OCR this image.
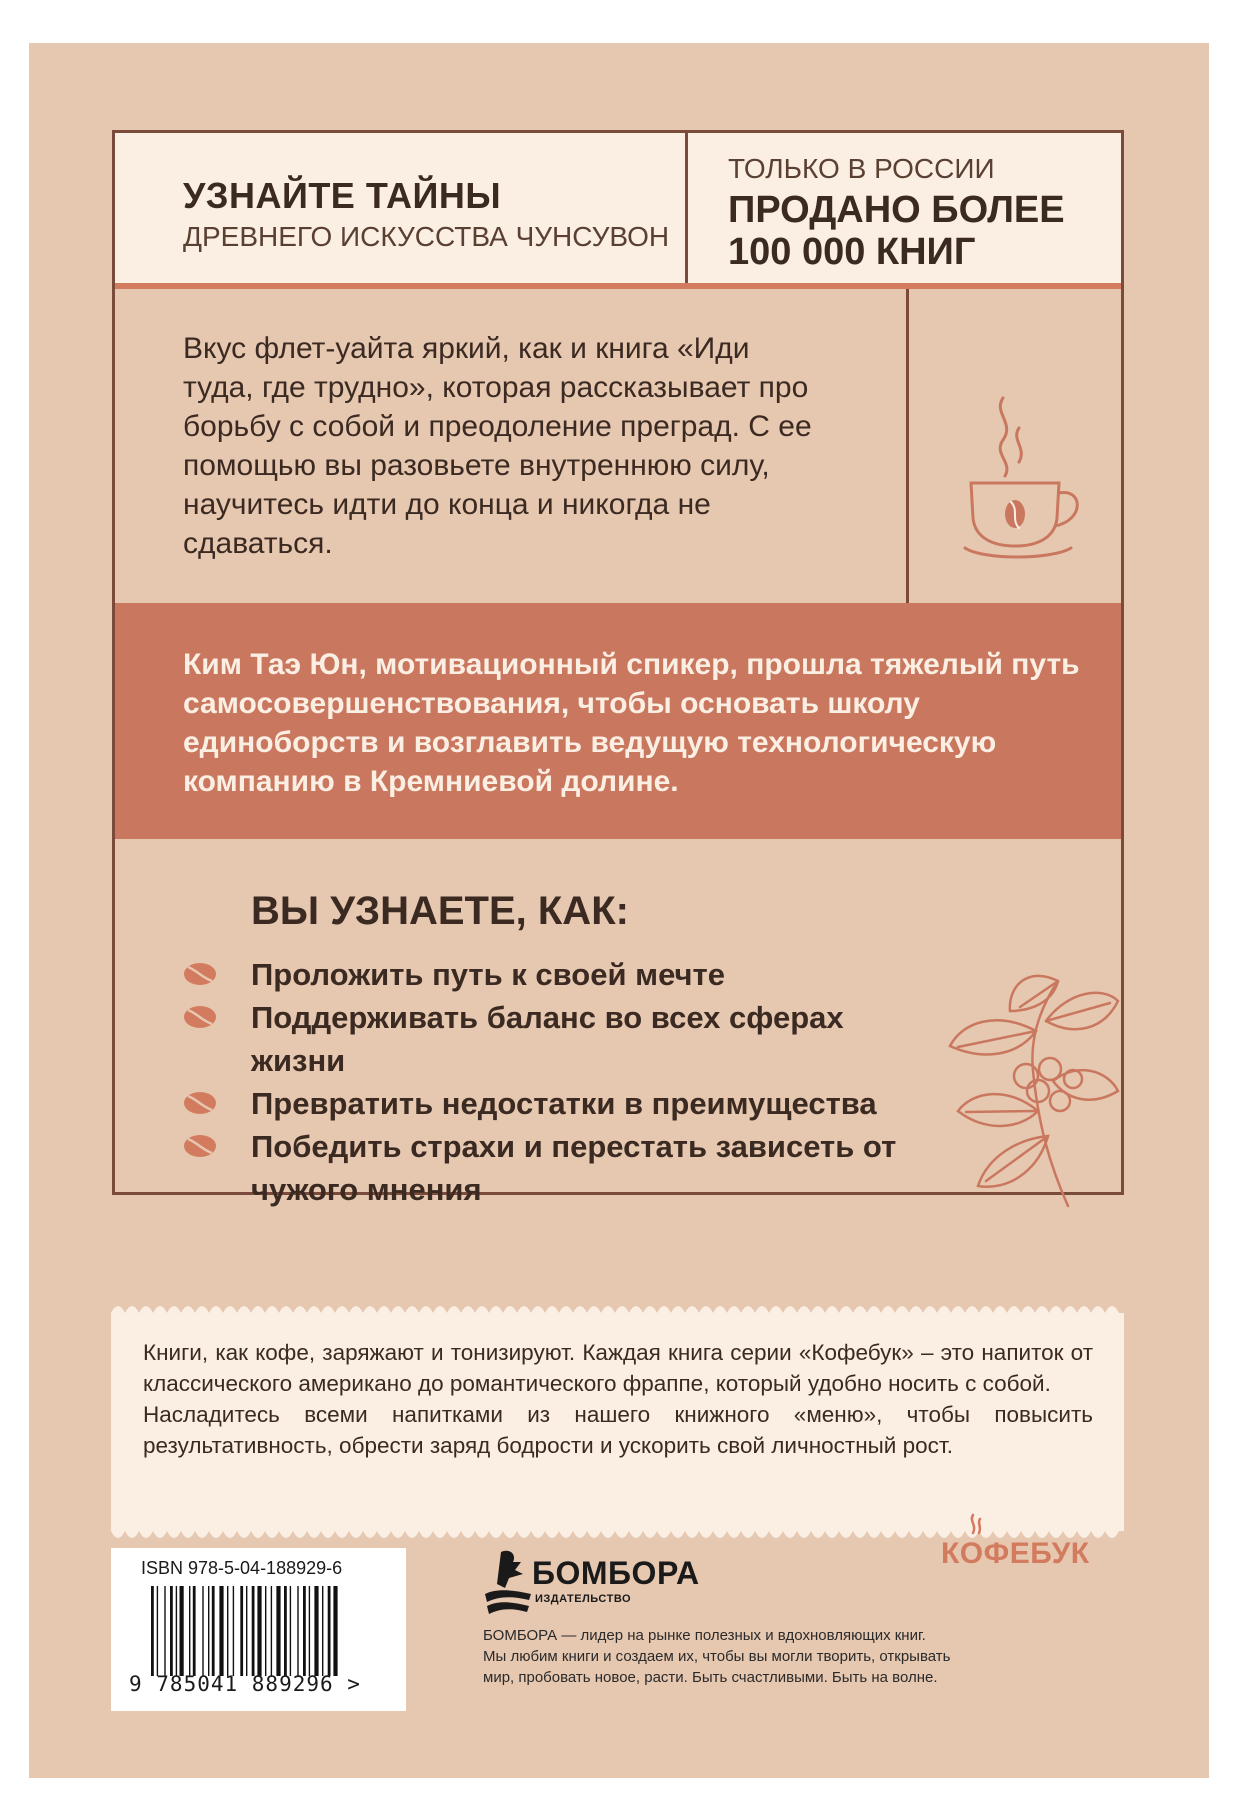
УЗНАЙТЕ ТАЙНЫ
ДРЕВНЕГО ИСКУССТВА ЧУНСУВОН
ТОЛЬКО В РОССИИ
ПРОДАНО БОЛЕЕ 100 000 КНИГ
Вкус флет-уайта яркий, как и книга «Иди туда, где трудно», которая рассказывает про борьбу с собой и преодоление преград. С ее помощью вы разовьете внутреннюю силу, научитесь идти до конца и никогда не сдаваться.
Ким Таэ Юн, мотивационный спикер, прошла тяжелый путь самосовершенствования, чтобы основать школу единоборств и возглавить ведущую технологическую компанию в Кремниевой долине.
ВЫ УЗНАЕТЕ, КАК:
Проложить путь к своей мечте
Поддерживать баланс во всех сферах жизни
Превратить недостатки в преимущества
Победить страхи и перестать зависеть от чужого мнения
Книги, как кофе, заряжают и тонизируют. Каждая книга серии «Кофебук» – это напиток от классического американо до романтического фраппе, который удобно носить с собой.
Насладитесь всеми напитками из нашего книжного «меню», чтобы повысить результативность, обрести заряд бодрости и ускорить свой личностный рост.
ISBN 978-5-04-188929-6
9 785041 889296 >
БОМБОРА
ИЗДАТЕЛЬСТВО
БОМБОРА — лидер на рынке полезных и вдохновляющих книг. Мы любим книги и создаем их, чтобы вы могли творить, открывать мир, пробовать новое, расти. Быть счастливыми. Быть на волне.
КОФЕБУК
